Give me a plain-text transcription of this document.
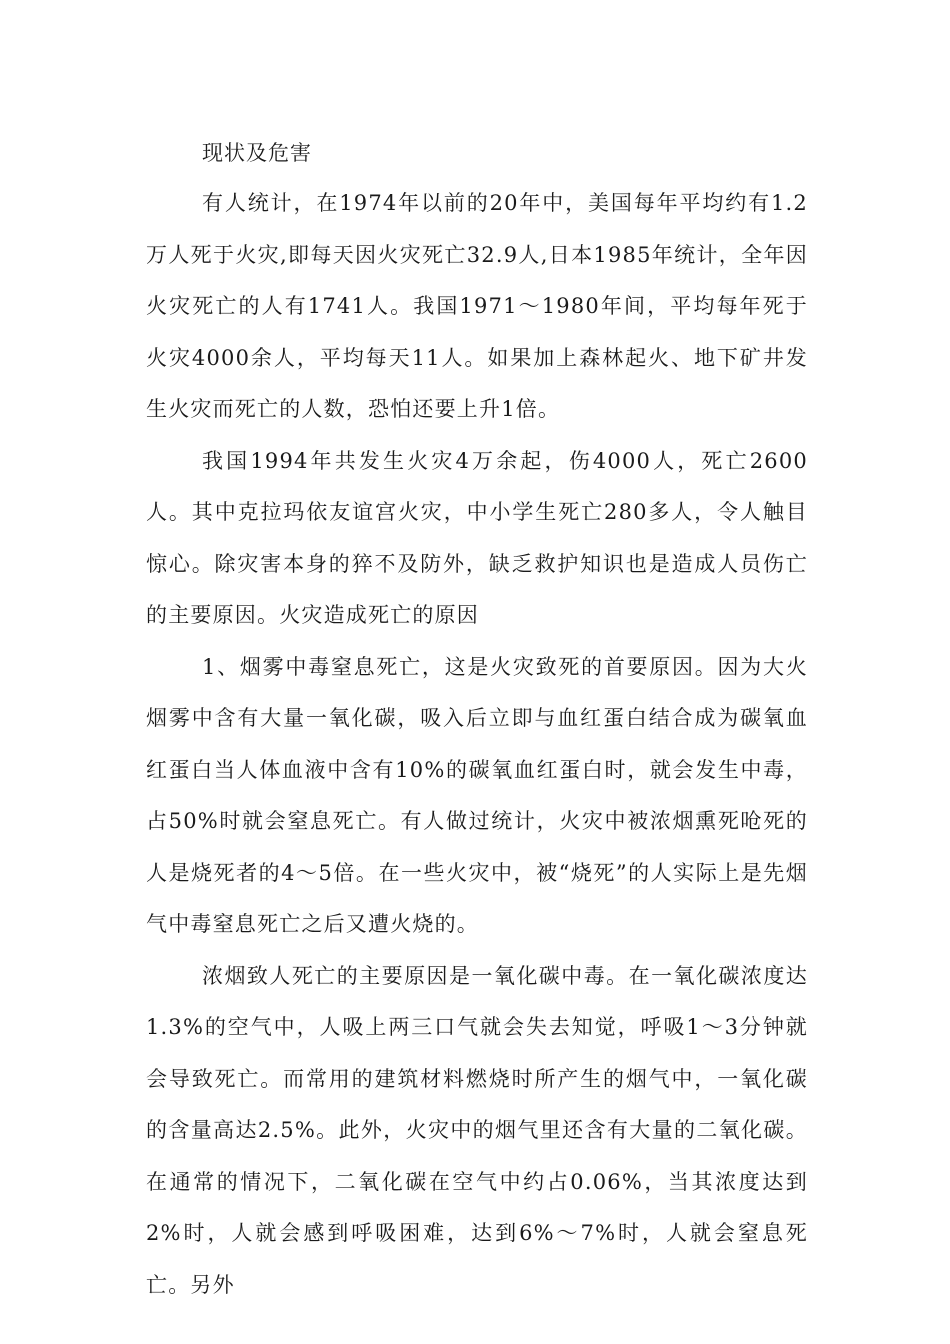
现状及危害

有人统计，在1974年以前的20年中，美国每年平均约有1.2万人死于火灾,即每天因火灾死亡32.9人,日本1985年统计，全年因火灾死亡的人有1741人。我国1971～1980年间，平均每年死于火灾4000余人，平均每天11人。如果加上森林起火、地下矿井发生火灾而死亡的人数，恐怕还要上升1倍。

我国1994年共发生火灾4万余起，伤4000人，死亡2600人。其中克拉玛依友谊宫火灾，中小学生死亡280多人，令人触目惊心。除灾害本身的猝不及防外，缺乏救护知识也是造成人员伤亡的主要原因。火灾造成死亡的原因

1、烟雾中毒窒息死亡，这是火灾致死的首要原因。因为大火烟雾中含有大量一氧化碳，吸入后立即与血红蛋白结合成为碳氧血红蛋白当人体血液中含有10%的碳氧血红蛋白时，就会发生中毒，占50%时就会窒息死亡。有人做过统计，火灾中被浓烟熏死呛死的人是烧死者的4～5倍。在一些火灾中，被“烧死”的人实际上是先烟气中毒窒息死亡之后又遭火烧的。

浓烟致人死亡的主要原因是一氧化碳中毒。在一氧化碳浓度达1.3%的空气中，人吸上两三口气就会失去知觉，呼吸1～3分钟就会导致死亡。而常用的建筑材料燃烧时所产生的烟气中，一氧化碳的含量高达2.5%。此外，火灾中的烟气里还含有大量的二氧化碳。在通常的情况下，二氧化碳在空气中约占0.06%，当其浓度达到2%时，人就会感到呼吸困难，达到6%～7%时，人就会窒息死亡。另外
